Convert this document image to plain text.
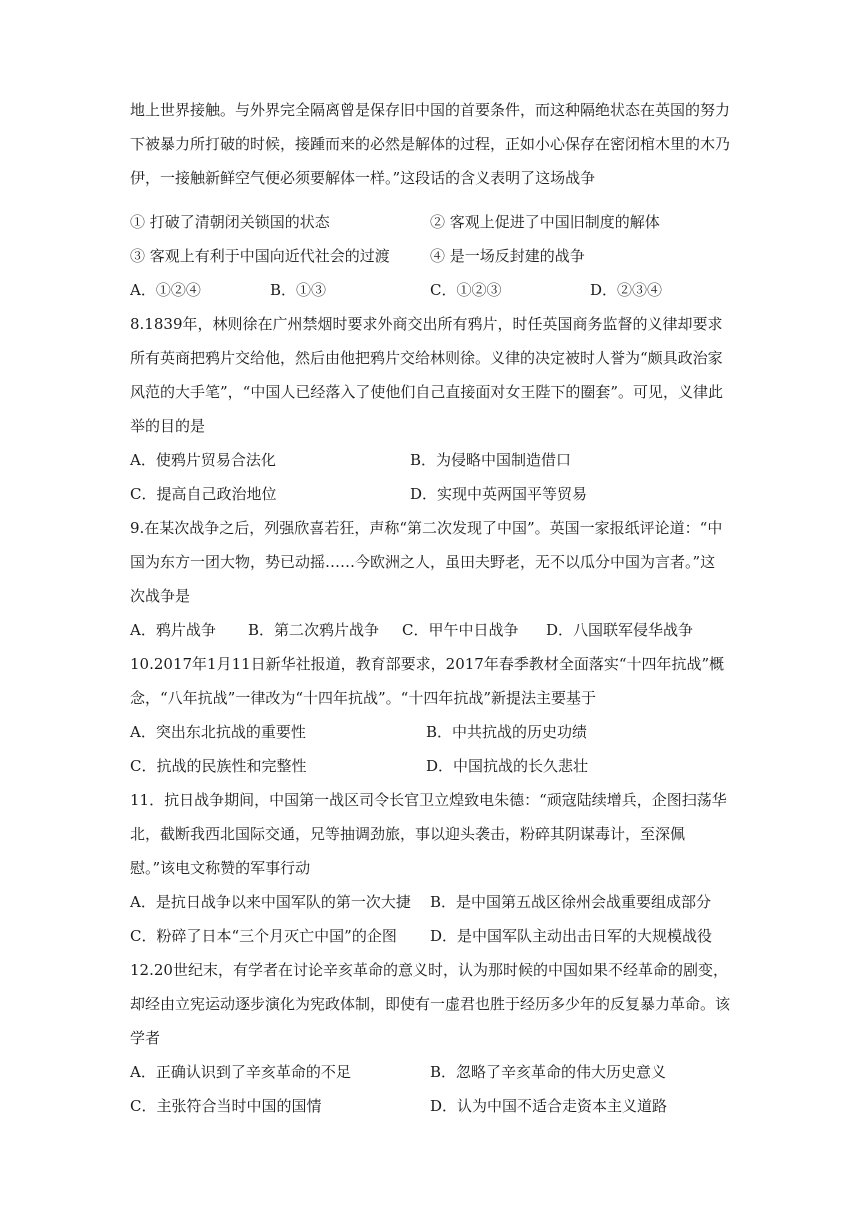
地上世界接触。与外界完全隔离曾是保存旧中国的首要条件，而这种隔绝状态在英国的努力下被暴力所打破的时候，接踵而来的必然是解体的过程，正如小心保存在密闭棺木里的木乃伊，一接触新鲜空气便必须要解体一样。”这段话的含义表明了这场战争

① 打破了清朝闭关锁国的状态	② 客观上促进了中国旧制度的解体
③ 客观上有利于中国向近代社会的过渡	④ 是一场反封建的战争
A．①②④	B．①③	C．①②③	D．②③④

8.1839年，林则徐在广州禁烟时要求外商交出所有鸦片，时任英国商务监督的义律却要求所有英商把鸦片交给他，然后由他把鸦片交给林则徐。义律的决定被时人誉为“颇具政治家风范的大手笔”，“中国人已经落入了使他们自己直接面对女王陛下的圈套”。可见，义律此举的目的是

A．使鸦片贸易合法化	B．为侵略中国制造借口
C．提高自己政治地位	D．实现中英两国平等贸易

9.在某次战争之后，列强欣喜若狂，声称“第二次发现了中国”。英国一家报纸评论道：“中国为东方一团大物，势已动摇……今欧洲之人，虽田夫野老，无不以瓜分中国为言者。”这次战争是

A．鸦片战争 B．第二次鸦片战争 C．甲午中日战争 D．八国联军侵华战争

10.2017年1月11日新华社报道，教育部要求，2017年春季教材全面落实“十四年抗战”概念，“八年抗战”一律改为“十四年抗战”。“十四年抗战”新提法主要基于

A．突出东北抗战的重要性	B．中共抗战的历史功绩
C．抗战的民族性和完整性	D．中国抗战的长久悲壮

11．抗日战争期间，中国第一战区司令长官卫立煌致电朱德：“顽寇陆续增兵，企图扫荡华北，截断我西北国际交通，兄等抽调劲旅，事以迎头袭击，粉碎其阴谋毒计，至深佩慰。”该电文称赞的军事行动

A．是抗日战争以来中国军队的第一次大捷 B．是中国第五战区徐州会战重要组成部分
C．粉碎了日本“三个月灭亡中国”的企图 D．是中国军队主动出击日军的大规模战役

12.20世纪末，有学者在讨论辛亥革命的意义时，认为那时候的中国如果不经革命的剧变，却经由立宪运动逐步演化为宪政体制，即使有一虚君也胜于经历多少年的反复暴力革命。该学者

A．正确认识到了辛亥革命的不足	B．忽略了辛亥革命的伟大历史意义
C．主张符合当时中国的国情	D．认为中国不适合走资本主义道路
